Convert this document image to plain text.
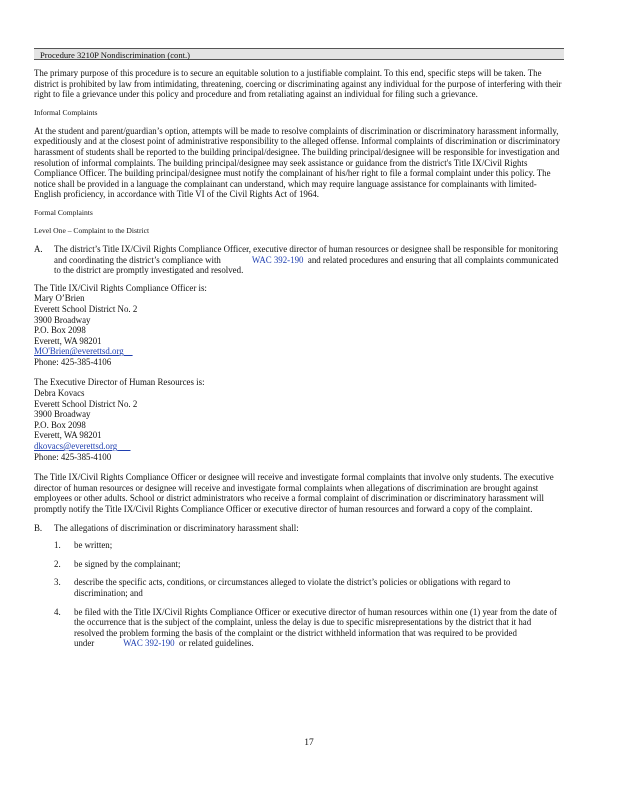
Procedure 3210P Nondiscrimination (cont.)

The primary purpose of this procedure is to secure an equitable solution to a justifiable complaint. To this end, specific steps will be taken. The district is prohibited by law from intimidating, threatening, coercing or discriminating against any individual for the purpose of interfering with their right to file a grievance under this policy and procedure and from retaliating against an individual for filing such a grievance.

Informal Complaints

At the student and parent/guardian’s option, attempts will be made to resolve complaints of discrimination or discriminatory harassment informally, expeditiously and at the closest point of administrative responsibility to the alleged offense. Informal complaints of discrimination or discriminatory harassment of students shall be reported to the building principal/designee. The building principal/designee will be responsible for investigation and resolution of informal complaints. The building principal/designee may seek assistance or guidance from the district's Title IX/Civil Rights Compliance Officer. The building principal/designee must notify the complainant of his/her right to file a formal complaint under this policy. The notice shall be provided in a language the complainant can understand, which may require language assistance for complainants with limited-English proficiency, in accordance with Title VI of the Civil Rights Act of 1964.

Formal Complaints
Level One – Complaint to the District
A.	The district’s Title IX/Civil Rights Compliance Officer, executive director of human resources or designee shall be responsible for monitoring and coordinating the district’s compliance with	WAC 392-190 and related procedures and ensuring that all complaints communicated to the district are promptly investigated and resolved.

The Title IX/Civil Rights Compliance Officer is:

Mary O’Brien

Everett School District No. 2

3900 Broadway

P.O. Box 2098

Everett, WA 98201

MO'Brien@everettsd.org

Phone: 425-385-4106

The Executive Director of Human Resources is:

Debra Kovacs

Everett School District No. 2

3900 Broadway

P.O. Box 2098

Everett, WA 98201

dkovacs@everettsd.org

Phone: 425-385-4100

The Title IX/Civil Rights Compliance Officer or designee will receive and investigate formal complaints that involve only students. The executive director of human resources or designee will receive and investigate formal complaints when allegations of discrimination are brought against employees or other adults. School or district administrators who receive a formal complaint of discrimination or discriminatory harassment will promptly notify the Title IX/Civil Rights Compliance Officer or executive director of human resources and forward a copy of the complaint.

B.	The allegations of discrimination or discriminatory harassment shall:
1.	be written;
2.	be signed by the complainant;
3.	describe the specific acts, conditions, or circumstances alleged to violate the district’s policies or obligations with regard to discrimination; and
4.	be filed with the Title IX/Civil Rights Compliance Officer or executive director of human resources within one (1) year from the date of the occurrence that is the subject of the complaint, unless the delay is due to specific misrepresentations by the district that it had resolved the problem forming the basis of the complaint or the district withheld information that was required to be provided under	WAC 392-190 or related guidelines.
17
